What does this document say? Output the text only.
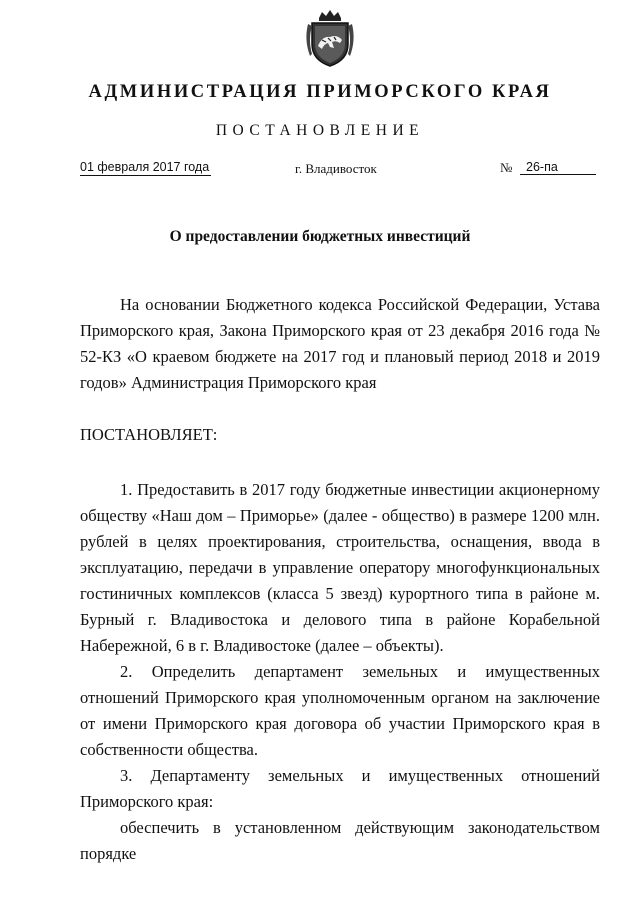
АДМИНИСТРАЦИЯ ПРИМОРСКОГО КРАЯ
ПОСТАНОВЛЕНИЕ
01 февраля 2017 года	г. Владивосток	№	26-па
О предоставлении бюджетных инвестиций

На основании Бюджетного кодекса Российской Федерации, Устава Приморского края, Закона Приморского края от 23 декабря 2016 года № 52-КЗ «О краевом бюджете на 2017 год и плановый период 2018 и 2019 годов» Администрация Приморского края

ПОСТАНОВЛЯЕТ:

1. Предоставить в 2017 году бюджетные инвестиции акционерному обществу «Наш дом – Приморье» (далее - общество) в размере 1200 млн. рублей в целях проектирования, строительства, оснащения, ввода в эксплуатацию, передачи в управление оператору многофункциональных гостиничных комплексов (класса 5 звезд) курортного типа в районе м. Бурный г. Владивостока и делового типа в районе Корабельной Набережной, 6 в г. Владивостоке (далее – объекты).

2. Определить департамент земельных и имущественных отношений Приморского края уполномоченным органом на заключение от имени Приморского края договора об участии Приморского края в собственности общества.

3. Департаменту земельных и имущественных отношений Приморского края:

обеспечить в установленном действующим законодательством порядке
